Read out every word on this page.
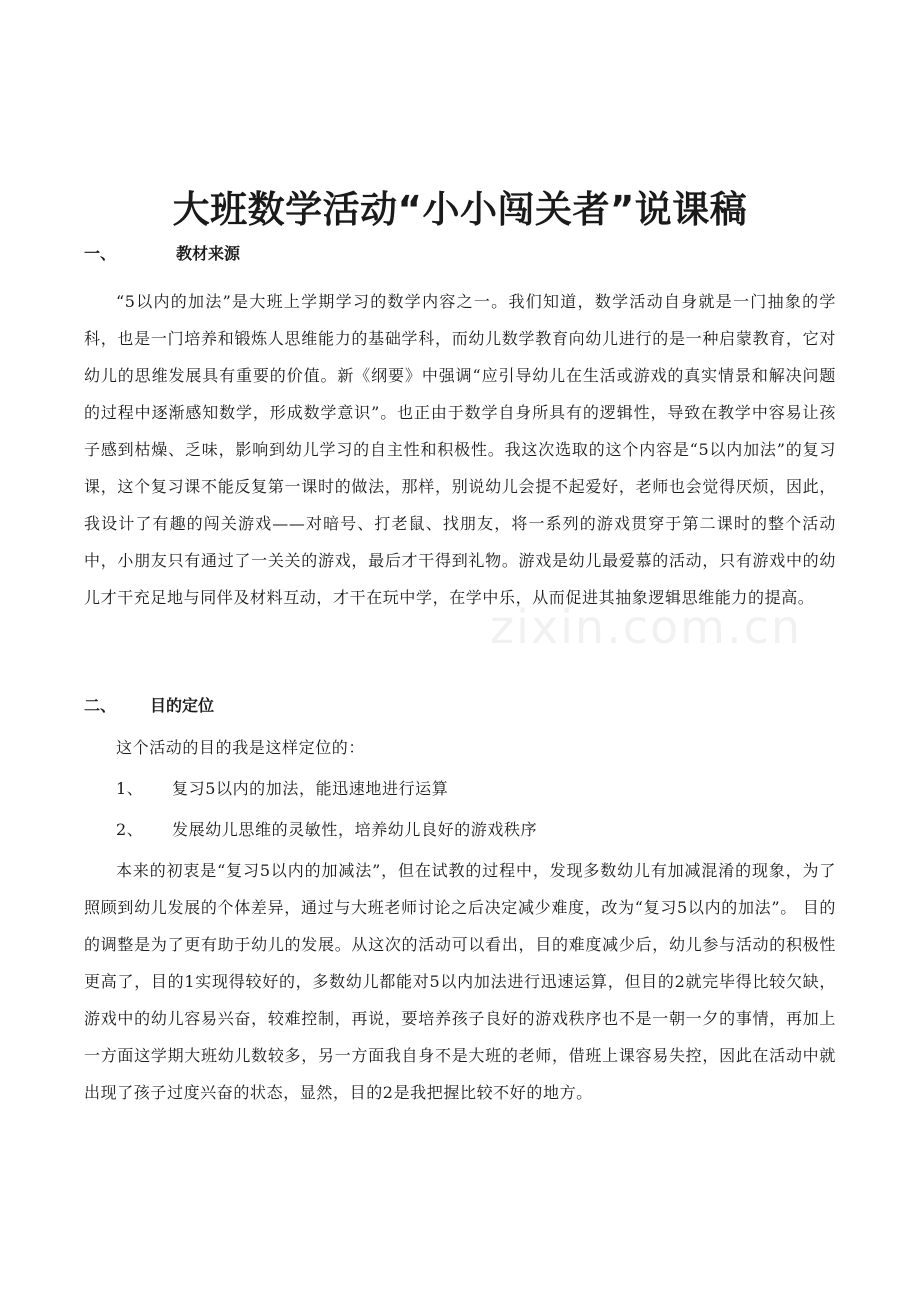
大班数学活动“小小闯关者”说课稿
一、	教材来源
“5以内的加法”是大班上学期学习的数学内容之一。我们知道，数学活动自身就是一门抽象的学科，也是一门培养和锻炼人思维能力的基础学科，而幼儿数学教育向幼儿进行的是一种启蒙教育，它对幼儿的思维发展具有重要的价值。新《纲要》中强调“应引导幼儿在生活或游戏的真实情景和解决问题的过程中逐渐感知数学，形成数学意识”。也正由于数学自身所具有的逻辑性，导致在教学中容易让孩子感到枯燥、乏味，影响到幼儿学习的自主性和积极性。我这次选取的这个内容是“5以内加法”的复习课，这个复习课不能反复第一课时的做法，那样，别说幼儿会提不起爱好，老师也会觉得厌烦，因此，我设计了有趣的闯关游戏——对暗号、打老鼠、找朋友，将一系列的游戏贯穿于第二课时的整个活动中，小朋友只有通过了一关关的游戏，最后才干得到礼物。游戏是幼儿最爱慕的活动，只有游戏中的幼儿才干充足地与同伴及材料互动，才干在玩中学，在学中乐，从而促进其抽象逻辑思维能力的提高。
二、 目的定位
这个活动的目的我是这样定位的：
1、 复习5以内的加法，能迅速地进行运算
2、 发展幼儿思维的灵敏性，培养幼儿良好的游戏秩序
本来的初衷是“复习5以内的加减法”，但在试教的过程中，发现多数幼儿有加减混淆的现象，为了照顾到幼儿发展的个体差异，通过与大班老师讨论之后决定减少难度，改为“复习5以内的加法”。 目的的调整是为了更有助于幼儿的发展。从这次的活动可以看出，目的难度减少后，幼儿参与活动的积极性更高了，目的1实现得较好的，多数幼儿都能对5以内加法进行迅速运算，但目的2就完毕得比较欠缺，游戏中的幼儿容易兴奋，较难控制，再说，要培养孩子良好的游戏秩序也不是一朝一夕的事情，再加上一方面这学期大班幼儿数较多，另一方面我自身不是大班的老师，借班上课容易失控，因此在活动中就出现了孩子过度兴奋的状态，显然，目的2是我把握比较不好的地方。
zixin.com.cn
